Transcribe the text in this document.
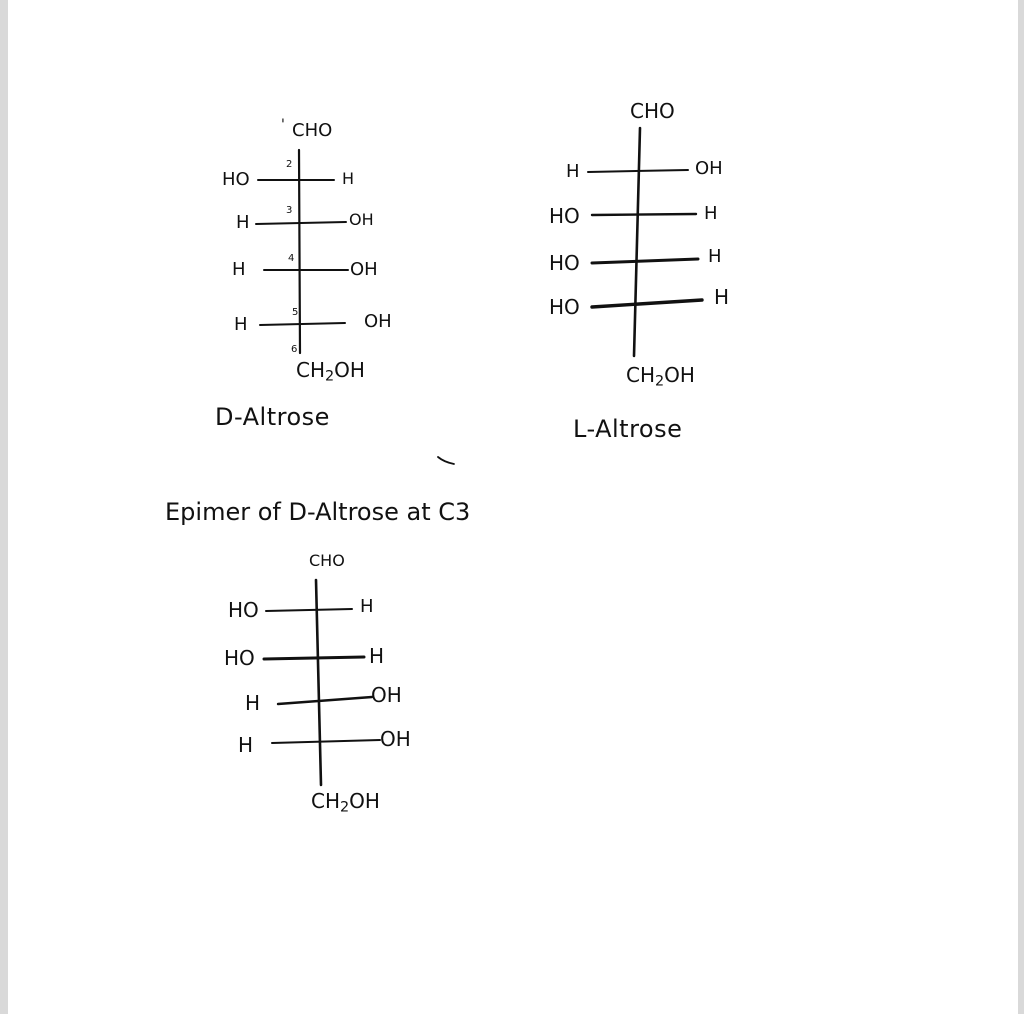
' CHO
2
HO	H
3
H	OH
4
H	OH
5
H	OH
6
$CH_2OH$
D-Altrose
CHO
H	OH
HO	H
HO	H
HO	H
$CH_2OH$
L-Altrose
Epimer of D-Altrose at C3
CHO
HO	H
HO	H
H	OH
H	OH
$CH_2OH$
